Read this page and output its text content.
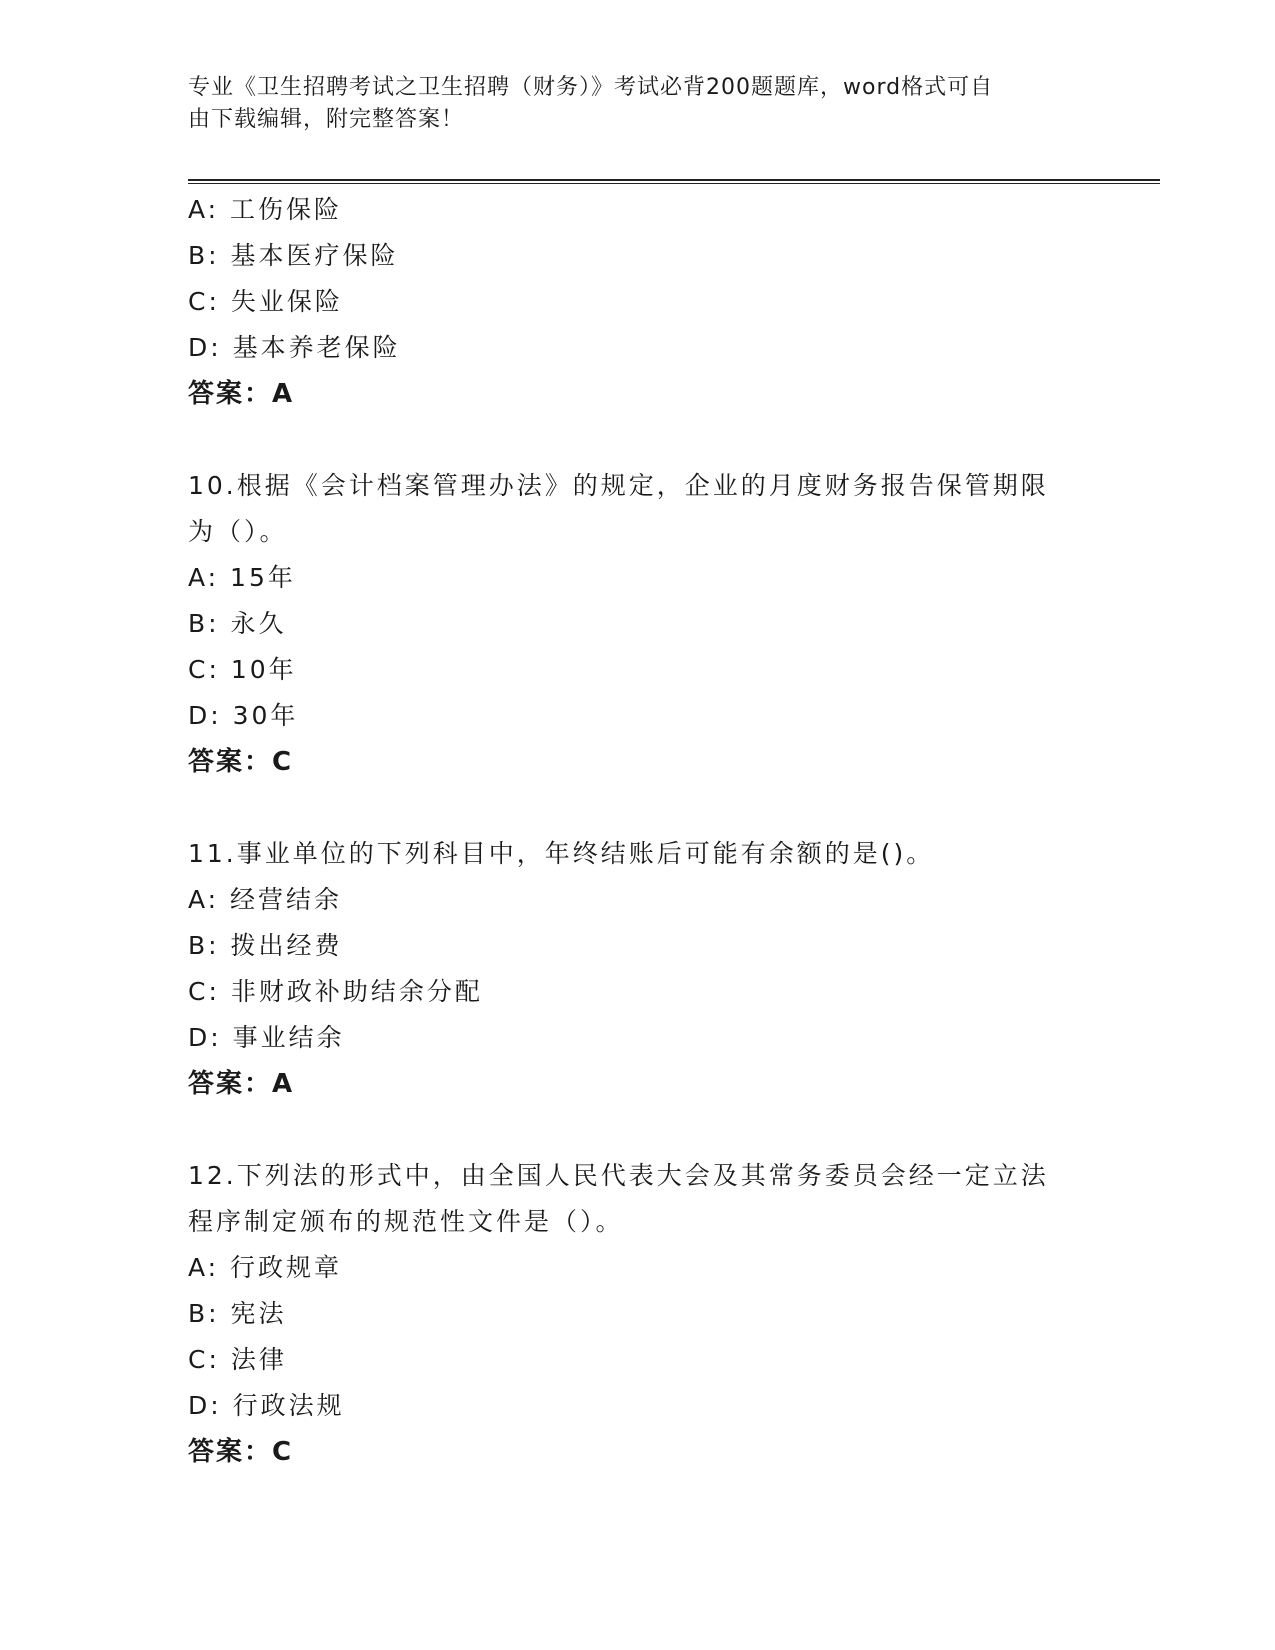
专业《卫生招聘考试之卫生招聘（财务）》考试必背200题题库，word格式可自
由下载编辑，附完整答案！
A: 工伤保险
B: 基本医疗保险
C: 失业保险
D: 基本养老保险
答案：A
10.根据《会计档案管理办法》的规定，企业的月度财务报告保管期限
为（）。
A: 15年
B: 永久
C: 10年
D: 30年
答案：C
11.事业单位的下列科目中，年终结账后可能有余额的是()。
A: 经营结余
B: 拨出经费
C: 非财政补助结余分配
D: 事业结余
答案：A
12.下列法的形式中，由全国人民代表大会及其常务委员会经一定立法
程序制定颁布的规范性文件是（）。
A: 行政规章
B: 宪法
C: 法律
D: 行政法规
答案：C
